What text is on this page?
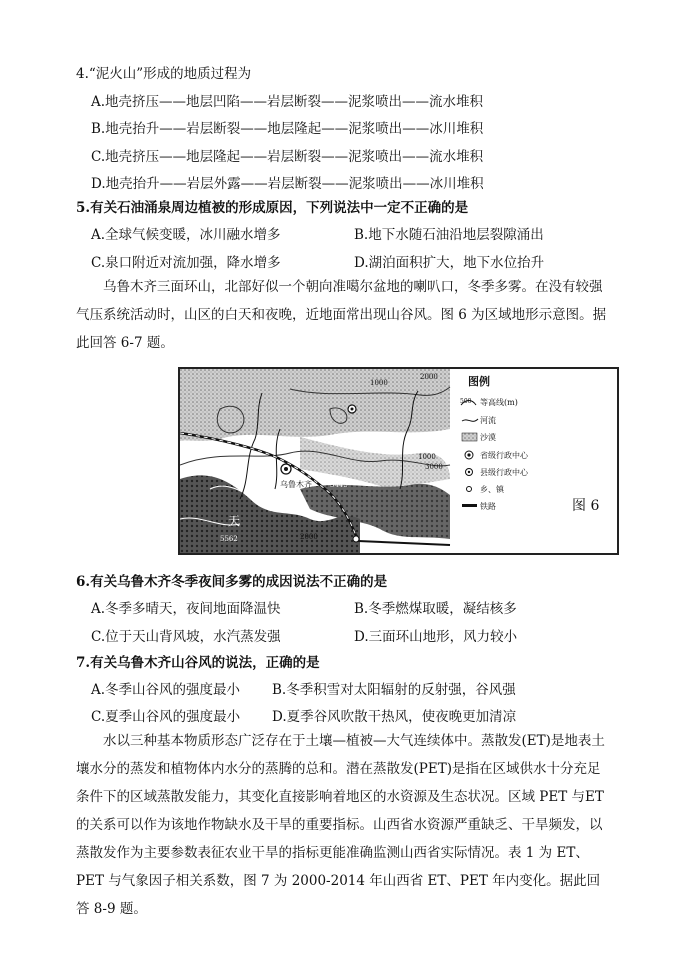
4.“泥火山”形成的地质过程为
A.地壳挤压——地层凹陷——岩层断裂——泥浆喷出——流水堆积
B.地壳抬升——岩层断裂——地层隆起——泥浆喷出——冰川堆积
C.地壳挤压——地层隆起——岩层断裂——泥浆喷出——流水堆积
D.地壳抬升——岩层外露——岩层断裂——泥浆喷出——冰川堆积
5.有关石油涌泉周边植被的形成原因，下列说法中一定不正确的是
A.全球气候变暖，冰川融水增多	B.地下水随石油沿地层裂隙涌出
C.泉口附近对流加强，降水增多	D.湖泊面积扩大，地下水位抬升
乌鲁木齐三面环山，北部好似一个朝向准噶尔盆地的喇叭口，冬季多雾。在没有较强气压系统活动时，山区的白天和夜晚，近地面常出现山谷风。图 6 为区域地形示意图。据此回答 6-7 题。
乌鲁木齐	5445
5562
天
2000
1000
2000
3000
1000
图例
500 等高线(m)
河流
沙漠
省级行政中心
县级行政中心
乡、镇
铁路	图 6
6.有关乌鲁木齐冬季夜间多雾的成因说法不正确的是
A.冬季多晴天，夜间地面降温快	B.冬季燃煤取暖，凝结核多
C.位于天山背风坡，水汽蒸发强	D.三面环山地形，风力较小
7.有关乌鲁木齐山谷风的说法，正确的是
A.冬季山谷风的强度最小 B.冬季积雪对太阳辐射的反射强，谷风强
C.夏季山谷风的强度最小 D.夏季谷风吹散干热风，使夜晚更加清凉
水以三种基本物质形态广泛存在于土壤—植被—大气连续体中。蒸散发(ET)是地表土壤水分的蒸发和植物体内水分的蒸腾的总和。潜在蒸散发(PET)是指在区域供水十分充足条件下的区域蒸散发能力，其变化直接影响着地区的水资源及生态状况。区域 PET 与ET 的关系可以作为该地作物缺水及干旱的重要指标。山西省水资源严重缺乏、干旱频发，以蒸散发作为主要参数表征农业干旱的指标更能准确监测山西省实际情况。表 1 为 ET、PET 与气象因子相关系数，图 7 为 2000-2014 年山西省 ET、PET 年内变化。据此回答 8-9 题。
